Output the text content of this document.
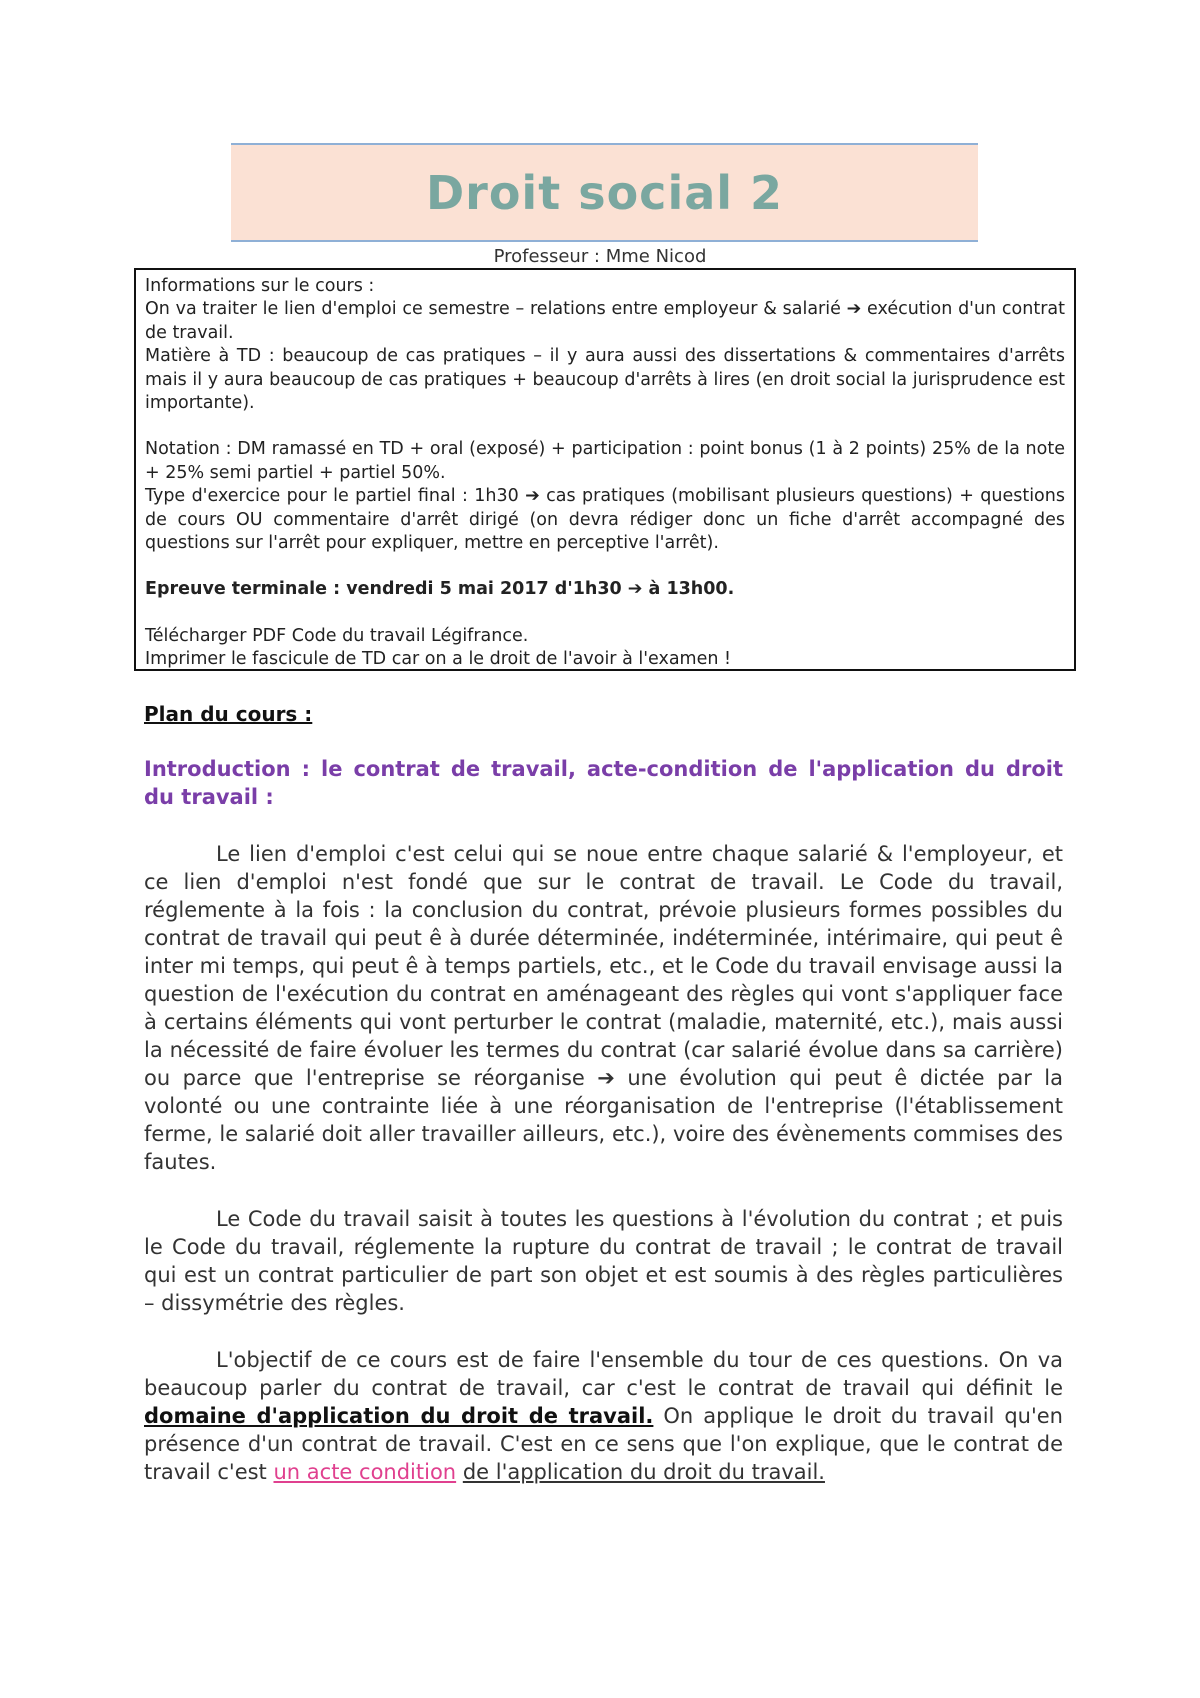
Droit social 2
Professeur : Mme Nicod

Informations sur le cours :

On va traiter le lien d'emploi ce semestre – relations entre employeur & salarié ➔ exécution d'un contrat de travail.

Matière à TD : beaucoup de cas pratiques – il y aura aussi des dissertations & commentaires d'arrêts mais il y aura beaucoup de cas pratiques + beaucoup d'arrêts à lires (en droit social la jurisprudence est importante).

Notation : DM ramassé en TD + oral (exposé) + participation : point bonus (1 à 2 points) 25% de la note + 25% semi partiel + partiel 50%.

Type d'exercice pour le partiel final : 1h30 ➔ cas pratiques (mobilisant plusieurs questions) + questions de cours OU commentaire d'arrêt dirigé (on devra rédiger donc un fiche d'arrêt accompagné des questions sur l'arrêt pour expliquer, mettre en perceptive l'arrêt).

Epreuve terminale : vendredi 5 mai 2017 d'1h30 ➔ à 13h00.

Télécharger PDF Code du travail Légifrance.

Imprimer le fascicule de TD car on a le droit de l'avoir à l'examen !

Plan du cours :
Introduction : le contrat de travail, acte-condition de l'application du droit du travail :

Le lien d'emploi c'est celui qui se noue entre chaque salarié & l'employeur, et ce lien d'emploi n'est fondé que sur le contrat de travail. Le Code du travail, réglemente à la fois : la conclusion du contrat, prévoie plusieurs formes possibles du contrat de travail qui peut ê à durée déterminée, indéterminée, intérimaire, qui peut ê inter mi temps, qui peut ê à temps partiels, etc., et le Code du travail envisage aussi la question de l'exécution du contrat en aménageant des règles qui vont s'appliquer face à certains éléments qui vont perturber le contrat (maladie, maternité, etc.), mais aussi la nécessité de faire évoluer les termes du contrat (car salarié évolue dans sa carrière) ou parce que l'entreprise se réorganise ➔ une évolution qui peut ê dictée par la volonté ou une contrainte liée à une réorganisation de l'entreprise (l'établissement ferme, le salarié doit aller travailler ailleurs, etc.), voire des évènements commises des fautes.

Le Code du travail saisit à toutes les questions à l'évolution du contrat ; et puis le Code du travail, réglemente la rupture du contrat de travail ; le contrat de travail qui est un contrat particulier de part son objet et est soumis à des règles particulières – dissymétrie des règles.

L'objectif de ce cours est de faire l'ensemble du tour de ces questions. On va beaucoup parler du contrat de travail, car c'est le contrat de travail qui définit le domaine d'application du droit de travail. On applique le droit du travail qu'en présence d'un contrat de travail. C'est en ce sens que l'on explique, que le contrat de travail c'est un acte condition de l'application du droit du travail.
